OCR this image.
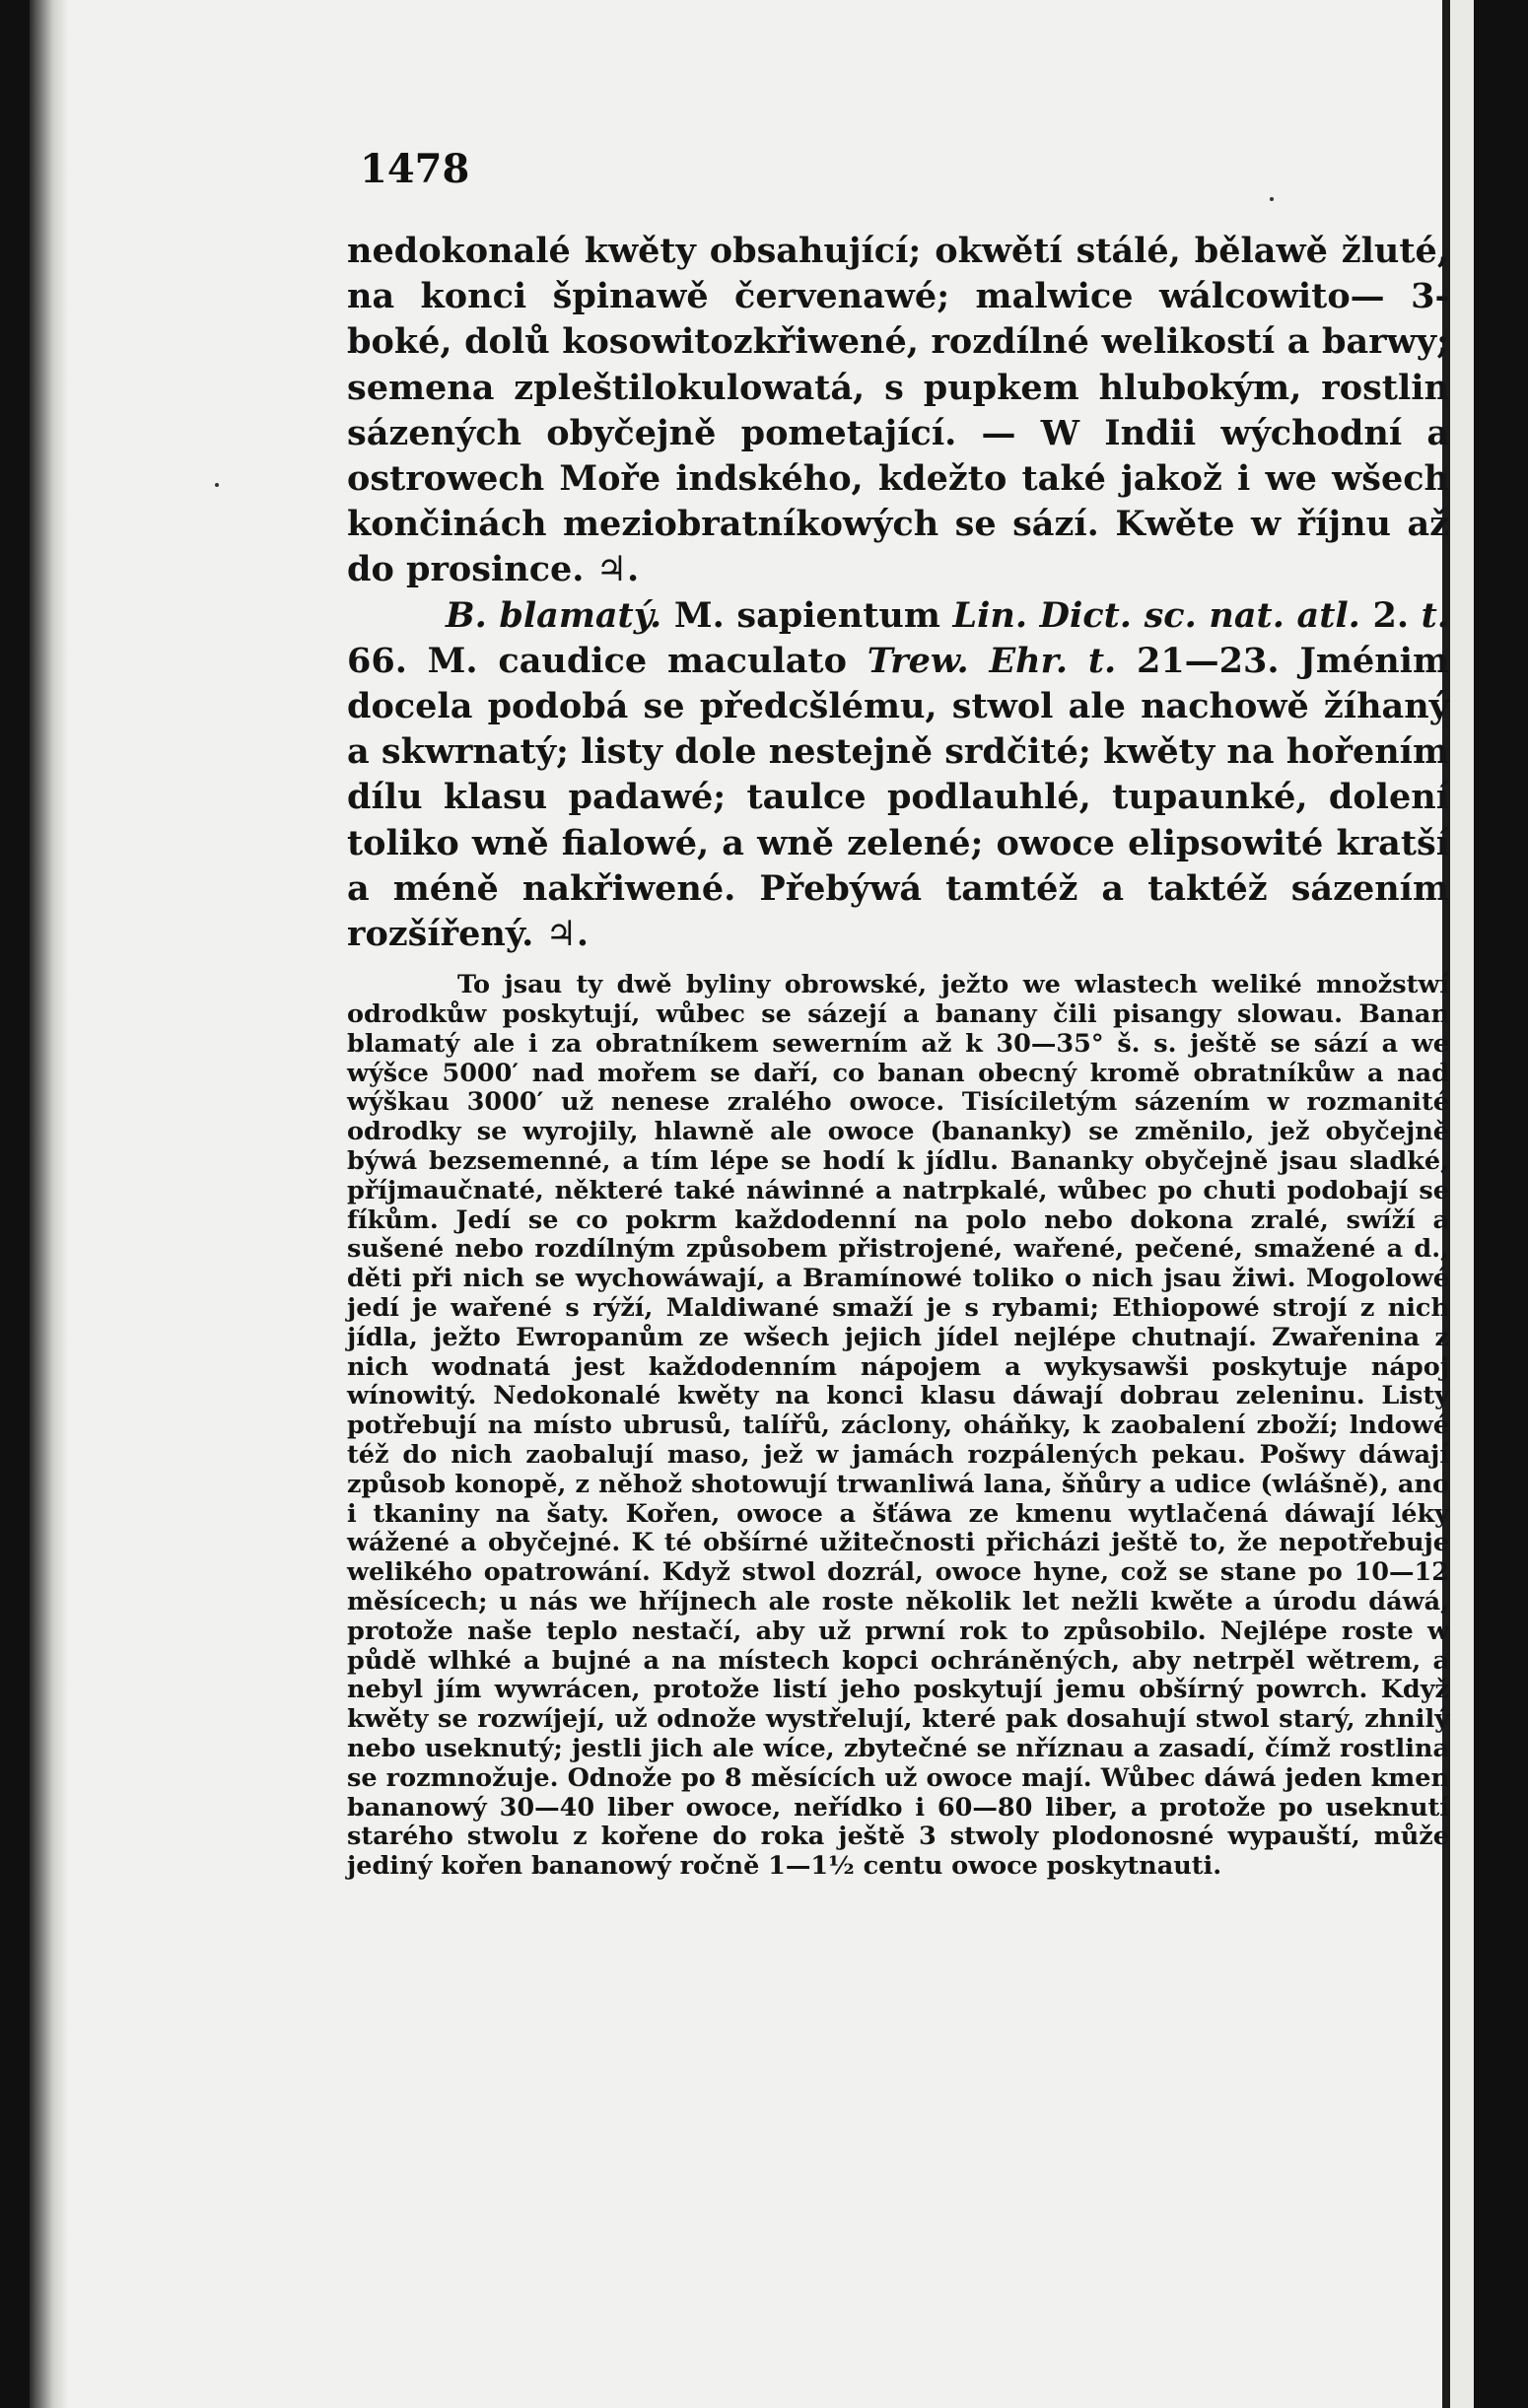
1478

nedokonalé kwěty obsahující; okwětí stálé, bělawě žluté, na konci špinawě červenawé; malwice wálcowito— 3-boké, dolů kosowitozkřiwené, rozdílné welikostí a barwy; semena zpleštilokulowatá, s pupkem hlubokým, rostlin sázených obyčejně pometající. — W Indii wýchodní a ostrowech Moře indského, kdežto také jakož i we wšech končinách meziobratníkowých se sází. Kwěte w říjnu až do prosince. ♃.

B. blamatý. M. sapientum Lin. Dict. sc. nat. atl. 2. t. 66. M. caudice maculato Trew. Ehr. t. 21—23. Jménim docela podobá se předcšlému, stwol ale nachowě žíhaný a skwrnatý; listy dole nestejně srdčité; kwěty na hořením dílu klasu padawé; taulce podlauhlé, tupaunké, dolení toliko wně fialowé, a wně zelené; owoce elipsowité kratší a méně nakřiwené. Přebýwá tamtéž a taktéž sázením rozšířený. ♃.

To jsau ty dwě byliny obrowské, ježto we wlastech weliké množstwí odrodkůw poskytují, wůbec se sázejí a banany čili pisangy slowau. Banan blamatý ale i za obratníkem sewerním až k 30—35° š. s. ještě se sází a we wýšce 5000′ nad mořem se daří, co banan obecný kromě obratníkůw a nad wýškau 3000′ už nenese zralého owoce. Tisíciletým sázením w rozmanité odrodky se wyrojily, hlawně ale owoce (bananky) se změnilo, jež obyčejně býwá bezsemenné, a tím lépe se hodí k jídlu. Bananky obyčejně jsau sladké, příjmaučnaté, některé také náwinné a natrpkalé, wůbec po chuti podobají se fíkům. Jedí se co pokrm každodenní na polo nebo dokona zralé, swíží a sušené nebo rozdílným způsobem přistrojené, wařené, pečené, smažené a d., děti při nich se wychowáwají, a Bramínowé toliko o nich jsau žiwi. Mogolowé jedí je wařené s rýží, Maldiwané smaží je s rybami; Ethiopowé strojí z nich jídla, ježto Ewropanům ze wšech jejich jídel nejlépe chutnají. Zwařenina z nich wodnatá jest každodenním nápojem a wykysawši poskytuje nápoj wínowitý. Nedokonalé kwěty na konci klasu dáwají dobrau zeleninu. Listy potřebují na místo ubrusů, talířů, záclony, oháňky, k zaobalení zboží; lndowé též do nich zaobalují maso, jež w jamách rozpálených pekau. Pošwy dáwají způsob konopě, z něhož shotowují trwanliwá lana, šňůry a udice (wlášně), ano i tkaniny na šaty. Kořen, owoce a šťáwa ze kmenu wytlačená dáwají léky wážené a obyčejné. K té obšírné užitečnosti přicházi ještě to, že nepotřebuje welikého opatrowání. Když stwol dozrál, owoce hyne, což se stane po 10—12 měsícech; u nás we hříjnech ale roste několik let nežli kwěte a úrodu dáwá, protože naše teplo nestačí, aby už prwní rok to způsobilo. Nejlépe roste w půdě wlhké a bujné a na místech kopci ochráněných, aby netrpěl wětrem, a nebyl jím wywrácen, protože listí jeho poskytují jemu obšírný powrch. Když kwěty se rozwíjejí, už odnože wystřelují, které pak dosahují stwol starý, zhnilý nebo useknutý; jestli jich ale wíce, zbytečné se nříznau a zasadí, čímž rostlina se rozmnožuje. Odnože po 8 měsících už owoce mají. Wůbec dáwá jeden kmen bananowý 30—40 liber owoce, neřídko i 60—80 liber, a protože po useknutí starého stwolu z kořene do roka ještě 3 stwoly plodonosné wypauští, může jediný kořen bananowý ročně 1—1½ centu owoce poskytnauti.
